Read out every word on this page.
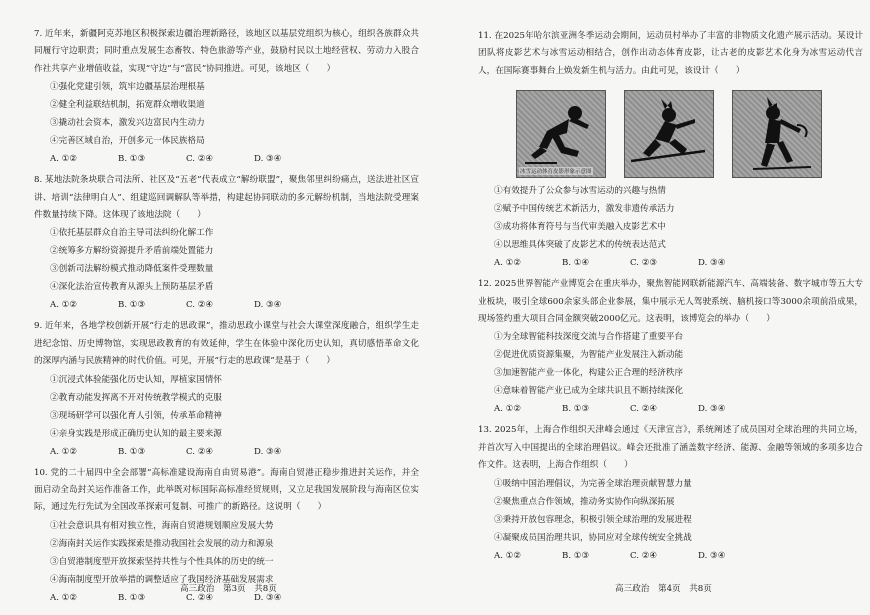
7. 近年来，新疆阿克苏地区积极探索边疆治理新路径，该地区以基层党组织为核心，组织各族群众共同履行守边职责；同时重点发展生态畜牧、特色旅游等产业，鼓励村民以土地经营权、劳动力入股合作社共享产业增值收益，实现“守边”与“富民”协同推进。可见，该地区（　　）

①强化党建引领，筑牢边疆基层治理根基

②健全利益联结机制，拓宽群众增收渠道

③撬动社会资本，激发兴边富民内生动力

④完善区域自治，开创多元一体民族格局

A. ①②	B. ①③	C. ②④	D. ③④

8. 某地法院条块联合司法所、社区及“五老”代表成立“解纷联盟”，聚焦邻里纠纷痛点，送法进社区宣讲、培训“法律明白人”、组建巡回调解队等举措，构建起协同联动的多元解纷机制，当地法院受理案件数量持续下降。这体现了该地法院（　　）

①依托基层群众自治主导司法纠纷化解工作

②统筹多方解纷资源提升矛盾前端处置能力

③创新司法解纷模式推动降低案件受理数量

④深化法治宣传教育从源头上预防基层矛盾

A. ①②	B. ①③	C. ②④	D. ③④

9. 近年来，各地学校创新开展“行走的思政课”，推动思政小课堂与社会大课堂深度融合，组织学生走进纪念馆、历史博物馆，实现思政教育的有效延伸，学生在体验中深化历史认知，真切感悟革命文化的深厚内涵与民族精神的时代价值。可见，开展“行走的思政课”是基于（　　）

①沉浸式体验能强化历史认知，厚植家国情怀

②教育动能发挥离不开对传统教学模式的克服

③现场研学可以强化育人引领，传承革命精神

④亲身实践是形成正确历史认知的最主要来源

A. ①②	B. ①③	C. ②④	D. ③④

10. 党的二十届四中全会部署“高标准建设海南自由贸易港”。海南自贸港正稳步推进封关运作，并全面启动全岛封关运作准备工作，此举既对标国际高标准经贸规则，又立足我国发展阶段与海南区位实际，通过先行先试为全国改革探索可复制、可推广的新路径。这说明（　　）

①社会意识具有相对独立性，海南自贸港规划顺应发展大势

②海南封关运作实践探索是推动我国社会发展的动力和源泉

③自贸港制度型开放探索坚持共性与个性具体的历史的统一

④海南制度型开放举措的调整适应了我国经济基础发展需求

A. ①②	B. ①③	C. ②④	D. ③④

高三政治　第3页　共8页

11. 在2025年哈尔滨亚洲冬季运动会期间，运动员村举办了丰富的非物质文化遗产展示活动。某设计团队将皮影艺术与冰雪运动相结合，创作出动态体育皮影，让古老的皮影艺术化身为冰雪运动代言人，在国际赛事舞台上焕发新生机与活力。由此可见，该设计（　　）

冰雪运动体育皮影形象示意图

①有效提升了公众参与冰雪运动的兴趣与热情

②赋予中国传统艺术新活力，激发非遗传承活力

③成功将体育符号与当代审美融入皮影艺术中

④以思维具体突破了皮影艺术的传统表达范式

A. ①②	B. ①④	C. ②③	D. ③④

12. 2025世界智能产业博览会在重庆举办，聚焦智能网联新能源汽车、高端装备、数字城市等五大专业板块，吸引全球600余家头部企业参展，集中展示无人驾驶系统、脑机接口等3000余项前沿成果，现场签约重大项目合同金额突破2000亿元。这表明，该博览会的举办（　　）

①为全球智能科技深度交流与合作搭建了重要平台

②促进优质资源集聚，为智能产业发展注入新动能

③加速智能产业一体化，构建公正合理的经济秩序

④意味着智能产业已成为全球共识且不断持续深化

A. ①②	B. ①③	C. ②④	D. ③④

13. 2025年，上海合作组织天津峰会通过《天津宣言》，系统阐述了成员国对全球治理的共同立场，并首次写入中国提出的全球治理倡议。峰会还批准了涵盖数字经济、能源、金融等领域的多项多边合作文件。这表明，上海合作组织（　　）

①吸纳中国治理倡议，为完善全球治理贡献智慧力量

②聚焦重点合作领域，推动务实协作向纵深拓展

③秉持开放包容理念，积极引领全球治理的发展进程

④凝聚成员国治理共识，协同应对全球传统安全挑战

A. ①②	B. ①③	C. ②④	D. ③④

高三政治　第4页　共8页
